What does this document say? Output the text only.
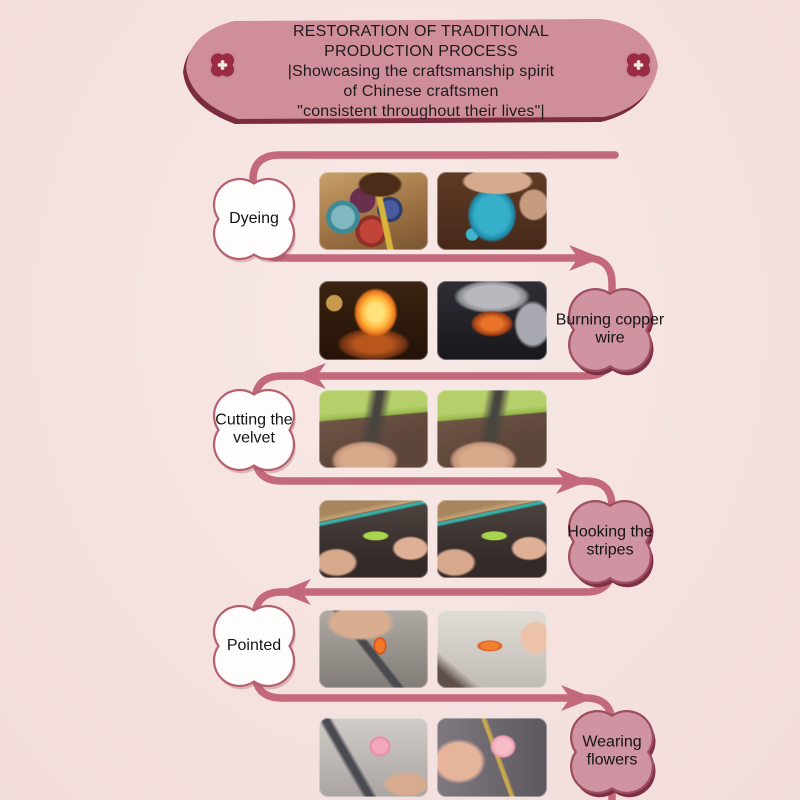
RESTORATION OF TRADITIONAL
PRODUCTION PROCESS
|Showcasing the craftsmanship spirit
of Chinese craftsmen
"consistent throughout their lives"|
Dyeing
Burning copper wire
Cutting the velvet
Hooking the stripes
Pointed
Wearing flowers
